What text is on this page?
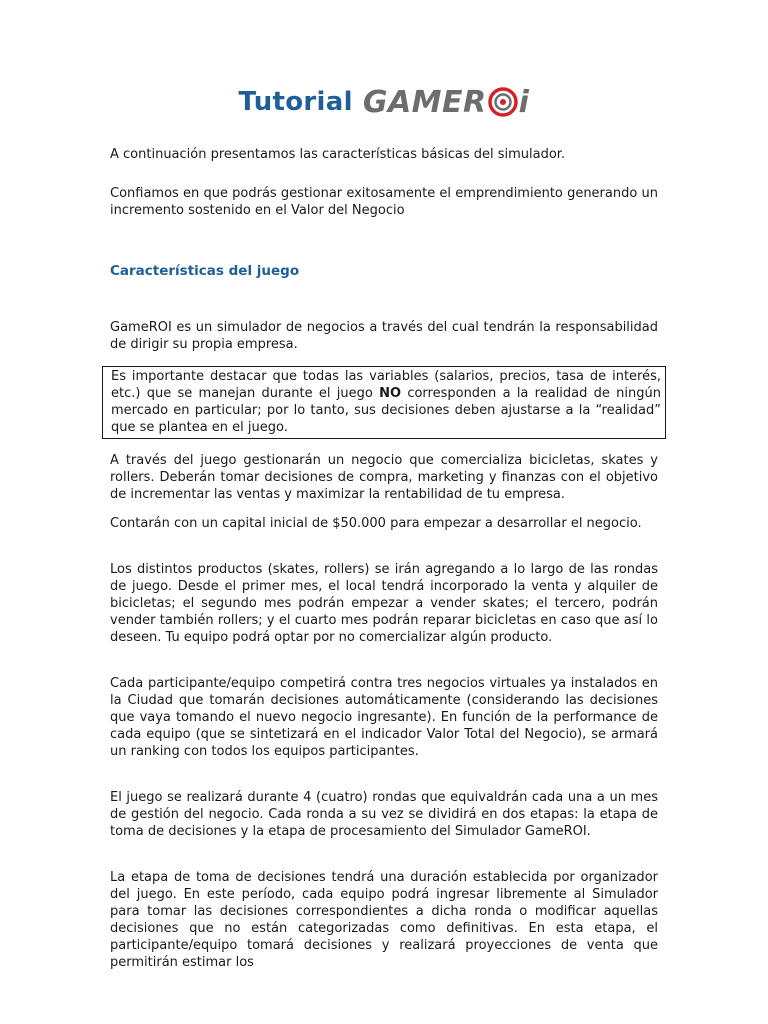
Tutorial GAME R i

A continuación presentamos las características básicas del simulador.

Confiamos en que podrás gestionar exitosamente el emprendimiento generando un incremento sostenido en el Valor del Negocio

Características del juego

GameROI es un simulador de negocios a través del cual tendrán la responsabilidad de dirigir su propia empresa.

Es importante destacar que todas las variables (salarios, precios, tasa de interés, etc.) que se manejan durante el juego NO corresponden a la realidad de ningún mercado en particular; por lo tanto, sus decisiones deben ajustarse a la “realidad” que se plantea en el juego.

A través del juego gestionarán un negocio que comercializa bicicletas, skates y rollers. Deberán tomar decisiones de compra, marketing y finanzas con el objetivo de incrementar las ventas y maximizar la rentabilidad de tu empresa.

Contarán con un capital inicial de $50.000 para empezar a desarrollar el negocio.

Los distintos productos (skates, rollers) se irán agregando a lo largo de las rondas de juego. Desde el primer mes, el local tendrá incorporado la venta y alquiler de bicicletas; el segundo mes podrán empezar a vender skates; el tercero, podrán vender también rollers; y el cuarto mes podrán reparar bicicletas en caso que así lo deseen. Tu equipo podrá optar por no comercializar algún producto.

Cada participante/equipo competirá contra tres negocios virtuales ya instalados en la Ciudad que tomarán decisiones automáticamente (considerando las decisiones que vaya tomando el nuevo negocio ingresante). En función de la performance de cada equipo (que se sintetizará en el indicador Valor Total del Negocio), se armará un ranking con todos los equipos participantes.

El juego se realizará durante 4 (cuatro) rondas que equivaldrán cada una a un mes de gestión del negocio. Cada ronda a su vez se dividirá en dos etapas: la etapa de toma de decisiones y la etapa de procesamiento del Simulador GameROI.

La etapa de toma de decisiones tendrá una duración establecida por organizador del juego. En este período, cada equipo podrá ingresar libremente al Simulador para tomar las decisiones correspondientes a dicha ronda o modificar aquellas decisiones que no están categorizadas como definitivas. En esta etapa, el participante/equipo tomará decisiones y realizará proyecciones de venta que permitirán estimar los
